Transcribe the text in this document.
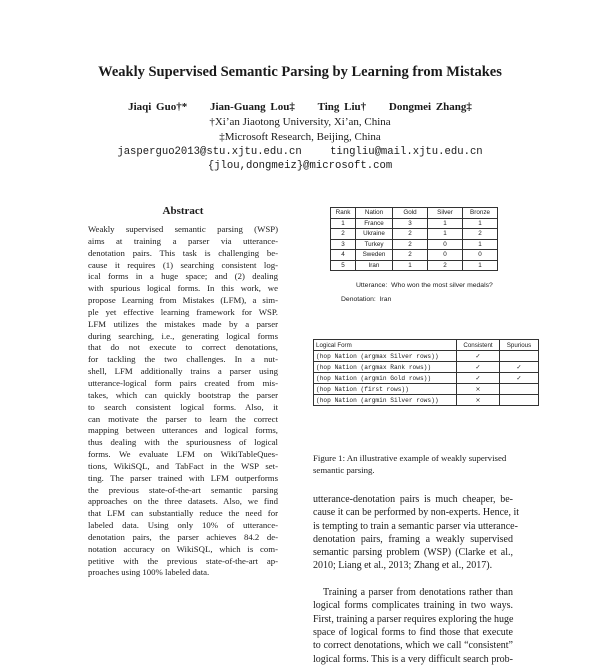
Weakly Supervised Semantic Parsing by Learning from Mistakes
Jiaqi Guo†* Jian-Guang Lou‡ Ting Liu† Dongmei Zhang‡
†Xi’an Jiaotong University, Xi’an, China
‡Microsoft Research, Beijing, China
jasperguo2013@stu.xjtu.edu.cn	tingliu@mail.xjtu.edu.cn
{jlou,dongmeiz}@microsoft.com
Abstract
Weakly supervised semantic parsing (WSP)
aims at training a parser via utterance-
denotation pairs. This task is challenging be-
cause it requires (1) searching consistent log-
ical forms in a huge space; and (2) dealing
with spurious logical forms. In this work, we
propose Learning from Mistakes (LFM), a sim-
ple yet effective learning framework for WSP.
LFM utilizes the mistakes made by a parser
during searching, i.e., generating logical forms
that do not execute to correct denotations,
for tackling the two challenges. In a nut-
shell, LFM additionally trains a parser using
utterance-logical form pairs created from mis-
takes, which can quickly bootstrap the parser
to search consistent logical forms. Also, it
can motivate the parser to learn the correct
mapping between utterances and logical forms,
thus dealing with the spuriousness of logical
forms. We evaluate LFM on WikiTableQues-
tions, WikiSQL, and TabFact in the WSP set-
ting. The parser trained with LFM outperforms
the previous state-of-the-art semantic parsing
approaches on the three datasets. Also, we find
that LFM can substantially reduce the need for
labeled data. Using only 10% of utterance-
denotation pairs, the parser achieves 84.2 de-
notation accuracy on WikiSQL, which is com-
petitive with the previous state-of-the-art ap-
proaches using 100% labeled data.
Rank	Nation	Gold	Silver	Bronze
1	France	3	1	1
2	Ukraine	2	1	2
3	Turkey	2	0	1
4	Sweden	2	0	0
5	Iran	1	2	1
Utterance: Who won the most silver medals?
Denotation: Iran
Logical Form	Consistent	Spurious
(hop Nation (argmax Silver rows))	✓	
(hop Nation (argmax Rank rows))	✓	✓
(hop Nation (argmin Gold rows))	✓	✓
(hop Nation (first rows))	×	
(hop Nation (argmin Silver rows))	×	
Figure 1: An illustrative example of weakly supervised
semantic parsing.
utterance-denotation pairs is much cheaper, be-
cause it can be performed by non-experts. Hence, it
is tempting to train a semantic parser via utterance-
denotation pairs, framing a weakly supervised
semantic parsing problem (WSP) (Clarke et al.,
2010; Liang et al., 2013; Zhang et al., 2017).
 Training a parser from denotations rather than
logical forms complicates training in two ways.
First, training a parser requires exploring the huge
space of logical forms to find those that execute
to correct denotations, which we call “consistent”
logical forms. This is a very difficult search prob-
